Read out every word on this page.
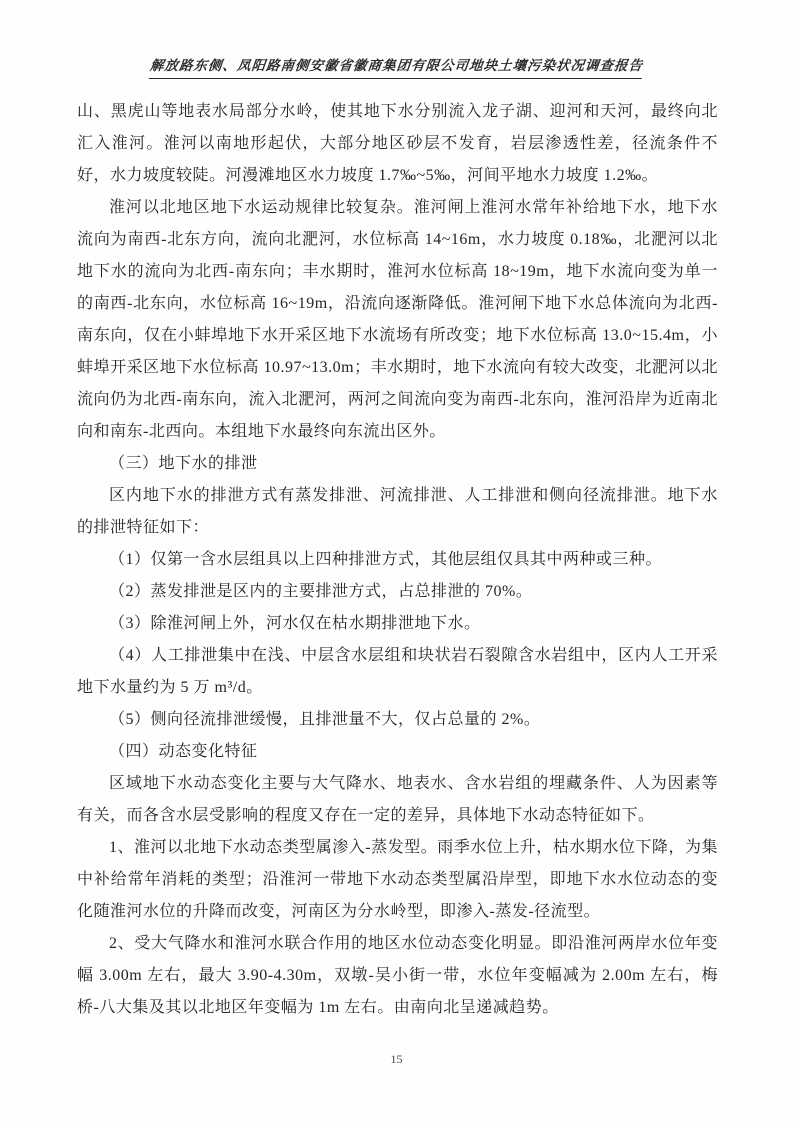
解放路东侧、凤阳路南侧安徽省徽商集团有限公司地块土壤污染状况调查报告
山、黑虎山等地表水局部分水岭，使其地下水分别流入龙子湖、迎河和天河，最终向北汇入淮河。淮河以南地形起伏，大部分地区砂层不发育，岩层渗透性差，径流条件不好，水力坡度较陡。河漫滩地区水力坡度 1.7‰~5‰，河间平地水力坡度 1.2‰。
淮河以北地区地下水运动规律比较复杂。淮河闸上淮河水常年补给地下水，地下水流向为南西-北东方向，流向北淝河，水位标高 14~16m，水力坡度 0.18‰，北淝河以北地下水的流向为北西-南东向；丰水期时，淮河水位标高 18~19m，地下水流向变为单一的南西-北东向，水位标高 16~19m，沿流向逐渐降低。淮河闸下地下水总体流向为北西-南东向，仅在小蚌埠地下水开采区地下水流场有所改变；地下水位标高 13.0~15.4m，小蚌埠开采区地下水位标高 10.97~13.0m；丰水期时，地下水流向有较大改变，北淝河以北流向仍为北西-南东向，流入北淝河，两河之间流向变为南西-北东向，淮河沿岸为近南北向和南东-北西向。本组地下水最终向东流出区外。
（三）地下水的排泄
区内地下水的排泄方式有蒸发排泄、河流排泄、人工排泄和侧向径流排泄。地下水的排泄特征如下：
（1）仅第一含水层组具以上四种排泄方式，其他层组仅具其中两种或三种。
（2）蒸发排泄是区内的主要排泄方式，占总排泄的 70%。
（3）除淮河闸上外，河水仅在枯水期排泄地下水。
（4）人工排泄集中在浅、中层含水层组和块状岩石裂隙含水岩组中，区内人工开采地下水量约为 5 万 m³/d。
（5）侧向径流排泄缓慢，且排泄量不大，仅占总量的 2%。
（四）动态变化特征
区域地下水动态变化主要与大气降水、地表水、含水岩组的埋藏条件、人为因素等有关，而各含水层受影响的程度又存在一定的差异，具体地下水动态特征如下。
1、淮河以北地下水动态类型属渗入-蒸发型。雨季水位上升，枯水期水位下降，为集中补给常年消耗的类型；沿淮河一带地下水动态类型属沿岸型，即地下水水位动态的变化随淮河水位的升降而改变，河南区为分水岭型，即渗入-蒸发-径流型。
2、受大气降水和淮河水联合作用的地区水位动态变化明显。即沿淮河两岸水位年变幅 3.00m 左右，最大 3.90-4.30m，双墩-吴小街一带，水位年变幅减为 2.00m 左右，梅桥-八大集及其以北地区年变幅为 1m 左右。由南向北呈递减趋势。
15
